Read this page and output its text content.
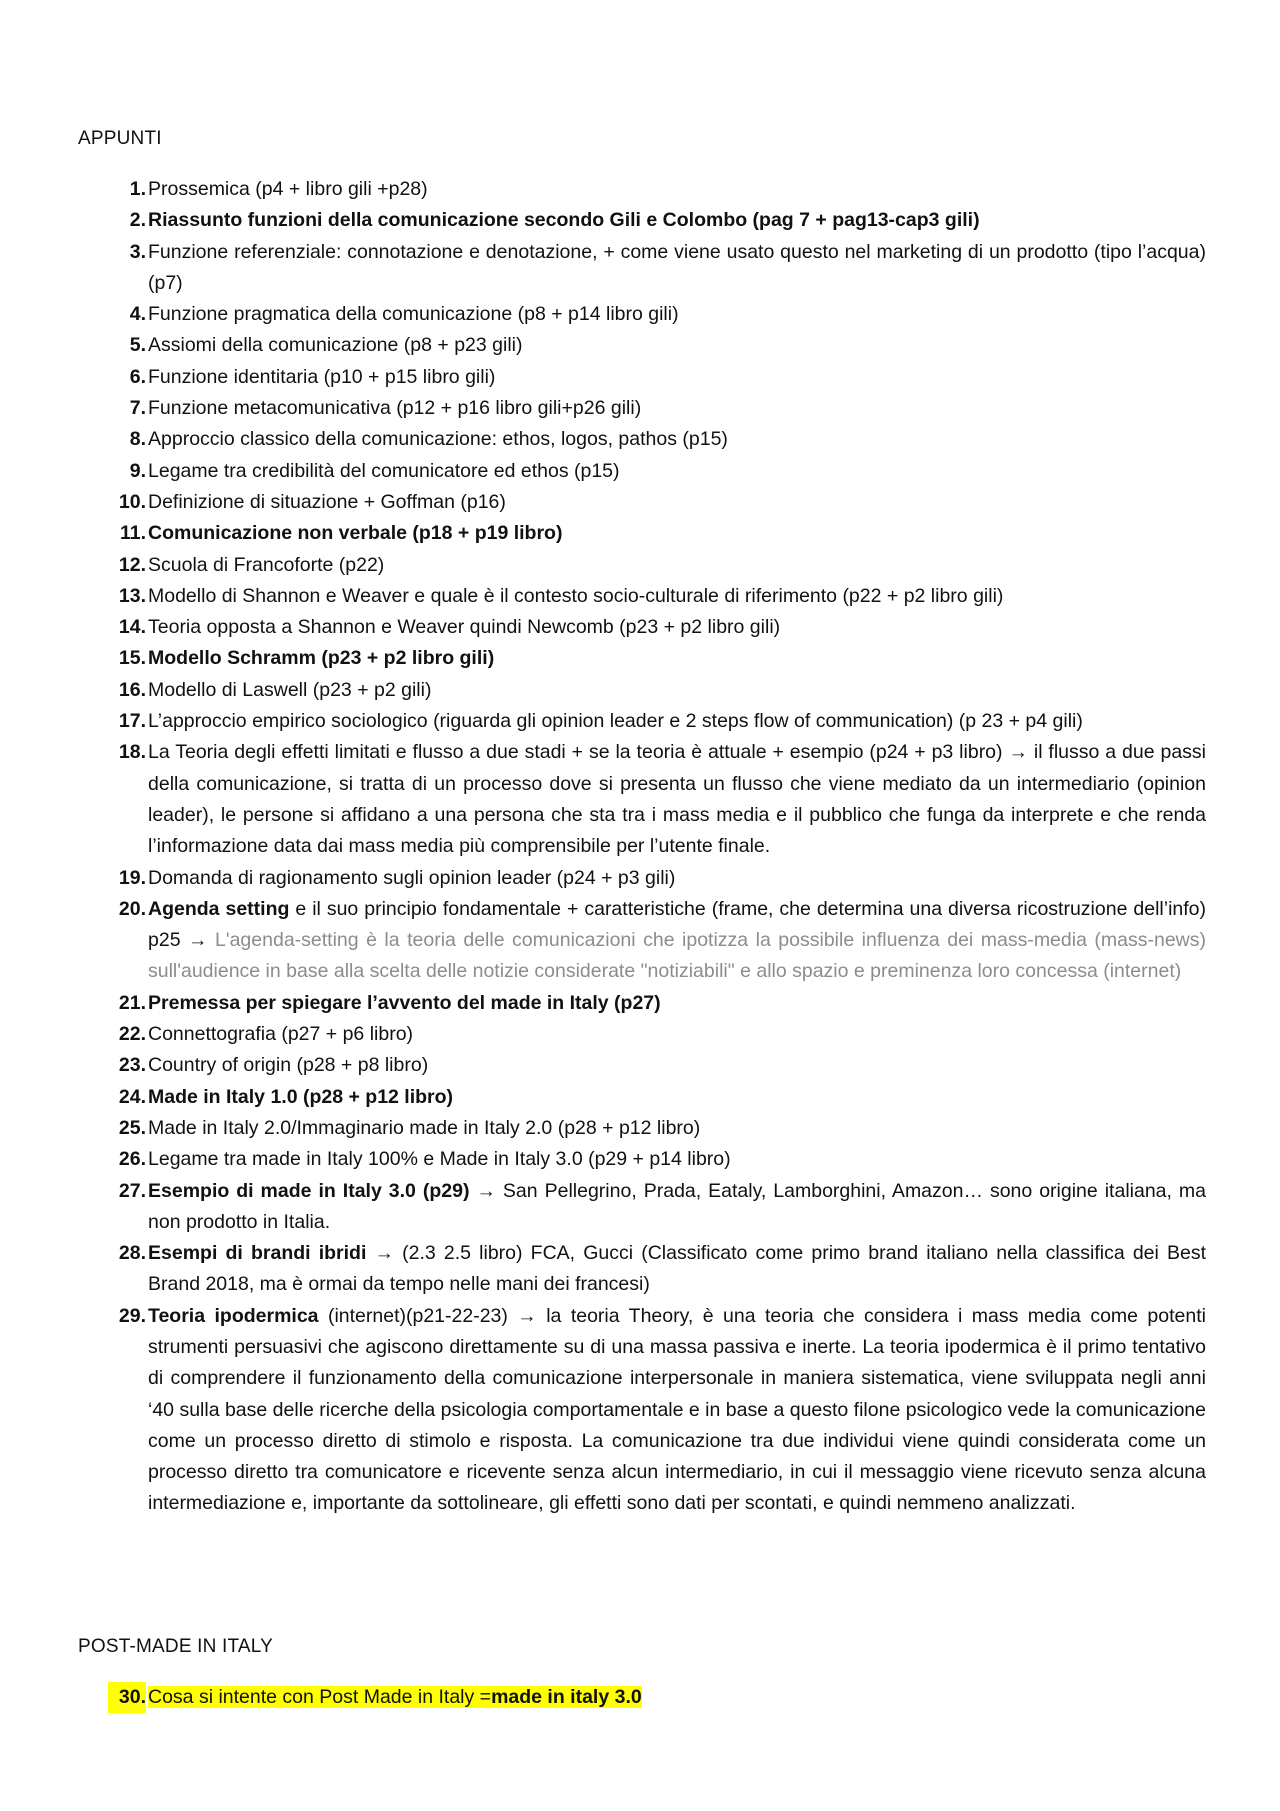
APPUNTI
1 . Prossemica (p4 + libro gili +p28)
2 . Riassunto funzioni della comunicazione secondo Gili e Colombo (pag 7 + pag13-cap3 gili)
3 . Funzione referenziale: connotazione e denotazione, + come viene usato questo nel marketing di un prodotto (tipo l’acqua) (p7)
4 . Funzione pragmatica della comunicazione (p8 + p14 libro gili)
5 . Assiomi della comunicazione (p8 + p23 gili)
6 . Funzione identitaria (p10 + p15 libro gili)
7 . Funzione metacomunicativa (p12 + p16 libro gili+p26 gili)
8 . Approccio classico della comunicazione: ethos, logos, pathos (p15)
9 . Legame tra credibilità del comunicatore ed ethos (p15)
10 . Definizione di situazione + Goffman (p16)
11 . Comunicazione non verbale (p18 + p19 libro)
12 . Scuola di Francoforte (p22)
13 . Modello di Shannon e Weaver e quale è il contesto socio-culturale di riferimento (p22 + p2 libro gili)
14 . Teoria opposta a Shannon e Weaver quindi Newcomb (p23 + p2 libro gili)
15 . Modello Schramm (p23 + p2 libro gili)
16 . Modello di Laswell (p23 + p2 gili)
17 . L’approccio empirico sociologico (riguarda gli opinion leader e 2 steps flow of communication) (p 23 + p4 gili)
18 . La Teoria degli effetti limitati e flusso a due stadi + se la teoria è attuale + esempio (p24 + p3 libro) → il flusso a due passi della comunicazione, si tratta di un processo dove si presenta un flusso che viene mediato da un intermediario (opinion leader), le persone si affidano a una persona che sta tra i mass media e il pubblico che funga da interprete e che renda l’informazione data dai mass media più comprensibile per l’utente finale.
19 . Domanda di ragionamento sugli opinion leader (p24 + p3 gili)
20 . Agenda setting e il suo principio fondamentale + caratteristiche (frame, che determina una diversa ricostruzione dell’info) p25 → L'agenda-setting è la teoria delle comunicazioni che ipotizza la possibile influenza dei mass-media (mass-news) sull'audience in base alla scelta delle notizie considerate "notiziabili" e allo spazio e preminenza loro concessa (internet)
21 . Premessa per spiegare l’avvento del made in Italy (p27)
22 . Connettografia (p27 + p6 libro)
23 . Country of origin (p28 + p8 libro)
24 . Made in Italy 1.0 (p28 + p12 libro)
25 . Made in Italy 2.0/Immaginario made in Italy 2.0 (p28 + p12 libro)
26 . Legame tra made in Italy 100% e Made in Italy 3.0 (p29 + p14 libro)
27 . Esempio di made in Italy 3.0 (p29) → San Pellegrino, Prada, Eataly, Lamborghini, Amazon… sono origine italiana, ma non prodotto in Italia.
28 . Esempi di brandi ibridi → (2.3 2.5 libro) FCA, Gucci (Classificato come primo brand italiano nella classifica dei Best Brand 2018, ma è ormai da tempo nelle mani dei francesi)
29 . Teoria ipodermica (internet)(p21-22-23) → la teoria Theory, è una teoria che considera i mass media come potenti strumenti persuasivi che agiscono direttamente su di una massa passiva e inerte. La teoria ipodermica è il primo tentativo di comprendere il funzionamento della comunicazione interpersonale in maniera sistematica, viene sviluppata negli anni ‘40 sulla base delle ricerche della psicologia comportamentale e in base a questo filone psicologico vede la comunicazione come un processo diretto di stimolo e risposta. La comunicazione tra due individui viene quindi considerata come un processo diretto tra comunicatore e ricevente senza alcun intermediario, in cui il messaggio viene ricevuto senza alcuna intermediazione e, importante da sottolineare, gli effetti sono dati per scontati, e quindi nemmeno analizzati.
POST-MADE IN ITALY
30 . Cosa si intente con Post Made in Italy =made in italy 3.0
